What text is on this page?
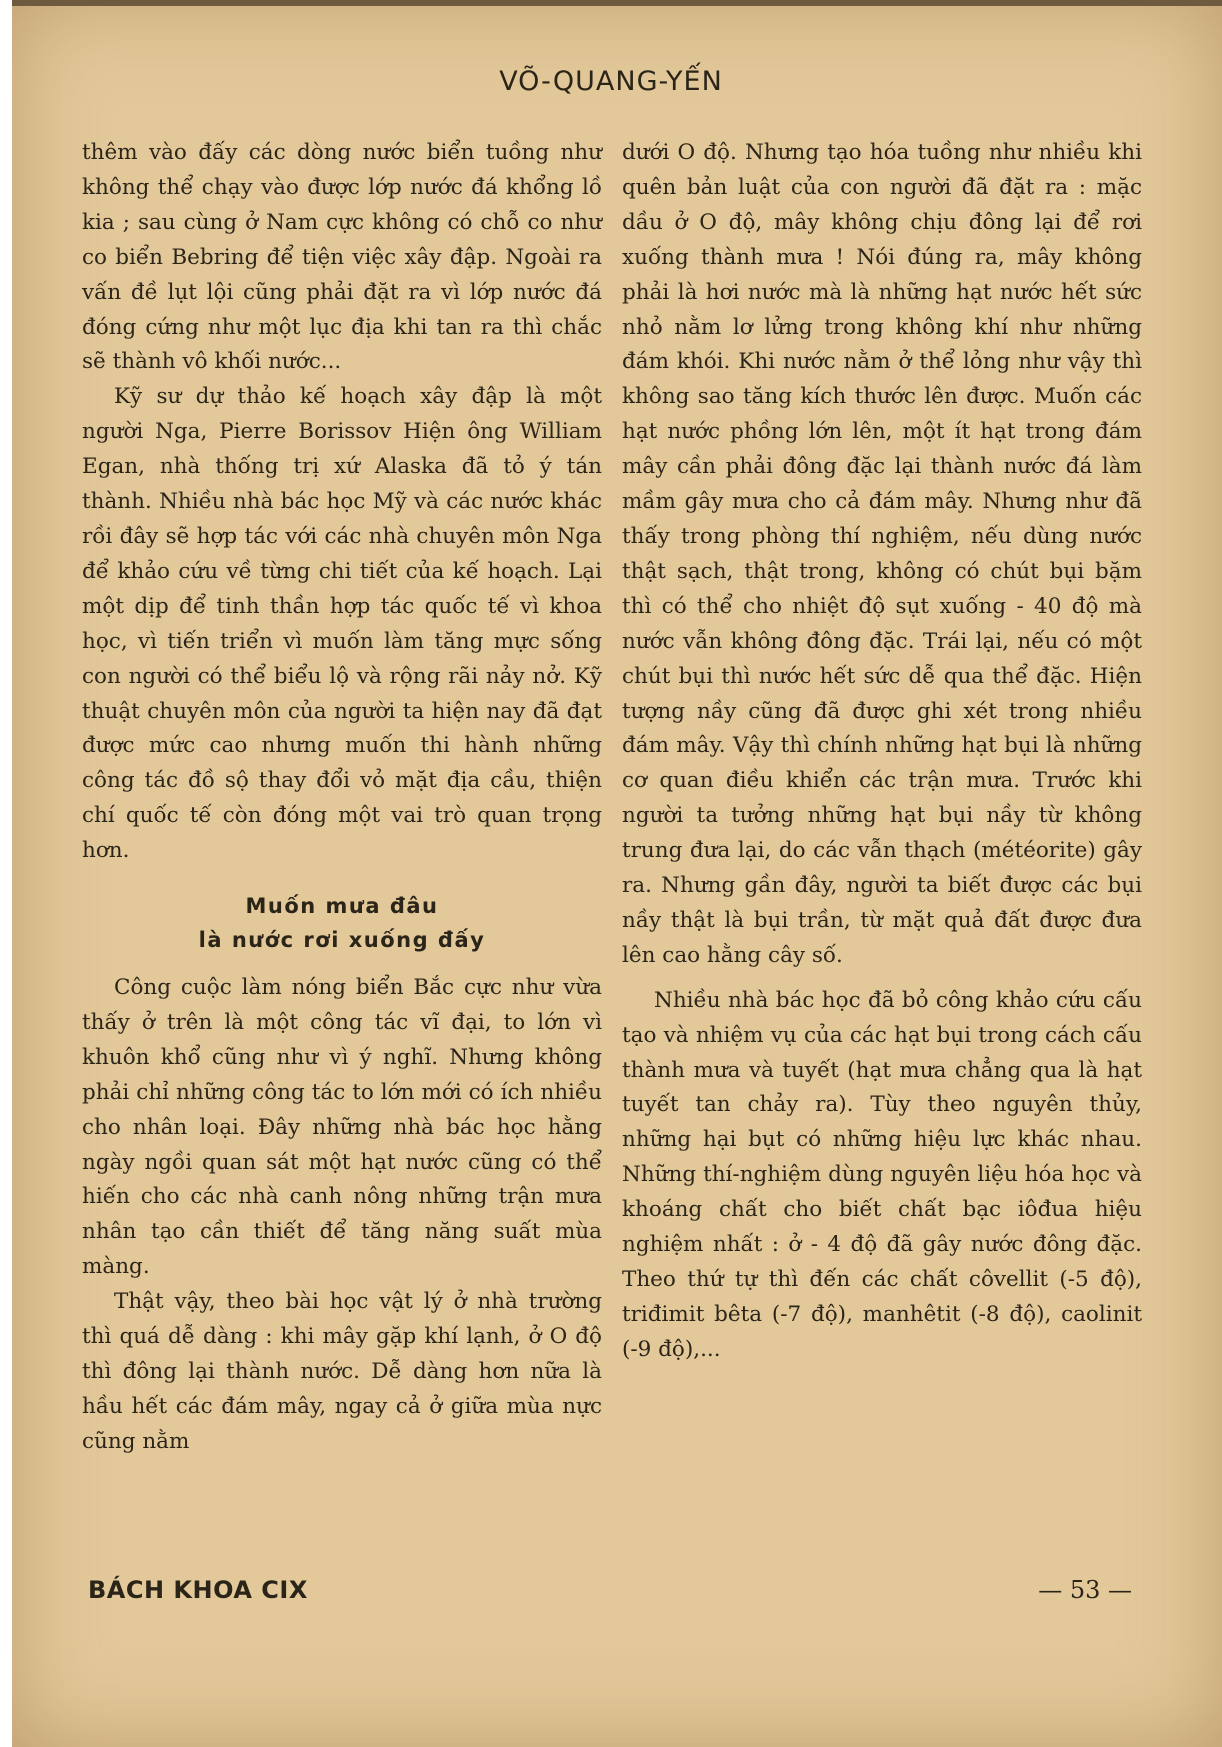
VÕ-QUANG-YẾN

thêm vào đấy các dòng nước biển tuồng như không thể chạy vào được lớp nước đá khổng lồ kia ; sau cùng ở Nam cực không có chỗ co như co biển Bebring để tiện việc xây đập. Ngoài ra vấn đề lụt lội cũng phải đặt ra vì lớp nước đá đóng cứng như một lục địa khi tan ra thì chắc sẽ thành vô khối nước...

Kỹ sư dự thảo kế hoạch xây đập là một người Nga, Pierre Borissov Hiện ông William Egan, nhà thống trị xứ Alaska đã tỏ ý tán thành. Nhiều nhà bác học Mỹ và các nước khác rồi đây sẽ hợp tác với các nhà chuyên môn Nga để khảo cứu về từng chi tiết của kế hoạch. Lại một dịp để tinh thần hợp tác quốc tế vì khoa học, vì tiến triển vì muốn làm tăng mực sống con người có thể biểu lộ và rộng rãi nảy nở. Kỹ thuật chuyên môn của người ta hiện nay đã đạt được mức cao nhưng muốn thi hành những công tác đồ sộ thay đổi vỏ mặt địa cầu, thiện chí quốc tế còn đóng một vai trò quan trọng hơn.

Muốn mưa đâu
là nước rơi xuống đấy

Công cuộc làm nóng biển Bắc cực như vừa thấy ở trên là một công tác vĩ đại, to lớn vì khuôn khổ cũng như vì ý nghĩ. Nhưng không phải chỉ những công tác to lớn mới có ích nhiều cho nhân loại. Đây những nhà bác học hằng ngày ngồi quan sát một hạt nước cũng có thể hiến cho các nhà canh nông những trận mưa nhân tạo cần thiết để tăng năng suất mùa màng.

Thật vậy, theo bài học vật lý ở nhà trường thì quá dễ dàng : khi mây gặp khí lạnh, ở O độ thì đông lại thành nước. Dễ dàng hơn nữa là hầu hết các đám mây, ngay cả ở giữa mùa nực cũng nằm

dưới O độ. Nhưng tạo hóa tuồng như nhiều khi quên bản luật của con người đã đặt ra : mặc dầu ở O độ, mây không chịu đông lại để rơi xuống thành mưa ! Nói đúng ra, mây không phải là hơi nước mà là những hạt nước hết sức nhỏ nằm lơ lửng trong không khí như những đám khói. Khi nước nằm ở thể lỏng như vậy thì không sao tăng kích thước lên được. Muốn các hạt nước phồng lớn lên, một ít hạt trong đám mây cần phải đông đặc lại thành nước đá làm mầm gây mưa cho cả đám mây. Nhưng như đã thấy trong phòng thí nghiệm, nếu dùng nước thật sạch, thật trong, không có chút bụi bặm thì có thể cho nhiệt độ sụt xuống - 40 độ mà nước vẫn không đông đặc. Trái lại, nếu có một chút bụi thì nước hết sức dễ qua thể đặc. Hiện tượng nầy cũng đã được ghi xét trong nhiều đám mây. Vậy thì chính những hạt bụi là những cơ quan điều khiển các trận mưa. Trước khi người ta tưởng những hạt bụi nầy từ không trung đưa lại, do các vẫn thạch (météorite) gây ra. Nhưng gần đây, người ta biết được các bụi nầy thật là bụi trần, từ mặt quả đất được đưa lên cao hằng cây số.

Nhiều nhà bác học đã bỏ công khảo cứu cấu tạo và nhiệm vụ của các hạt bụi trong cách cấu thành mưa và tuyết (hạt mưa chẳng qua là hạt tuyết tan chảy ra). Tùy theo nguyên thủy, những hại bụt có những hiệu lực khác nhau. Những thí-nghiệm dùng nguyên liệu hóa học và khoáng chất cho biết chất bạc iôđua hiệu nghiệm nhất : ở - 4 độ đã gây nước đông đặc. Theo thứ tự thì đến các chất côvellit (-5 độ), triđimit bêta (-7 độ), manhêtit (-8 độ), caolinit (-9 độ),...

BÁCH KHOA CIX	— 53 —
